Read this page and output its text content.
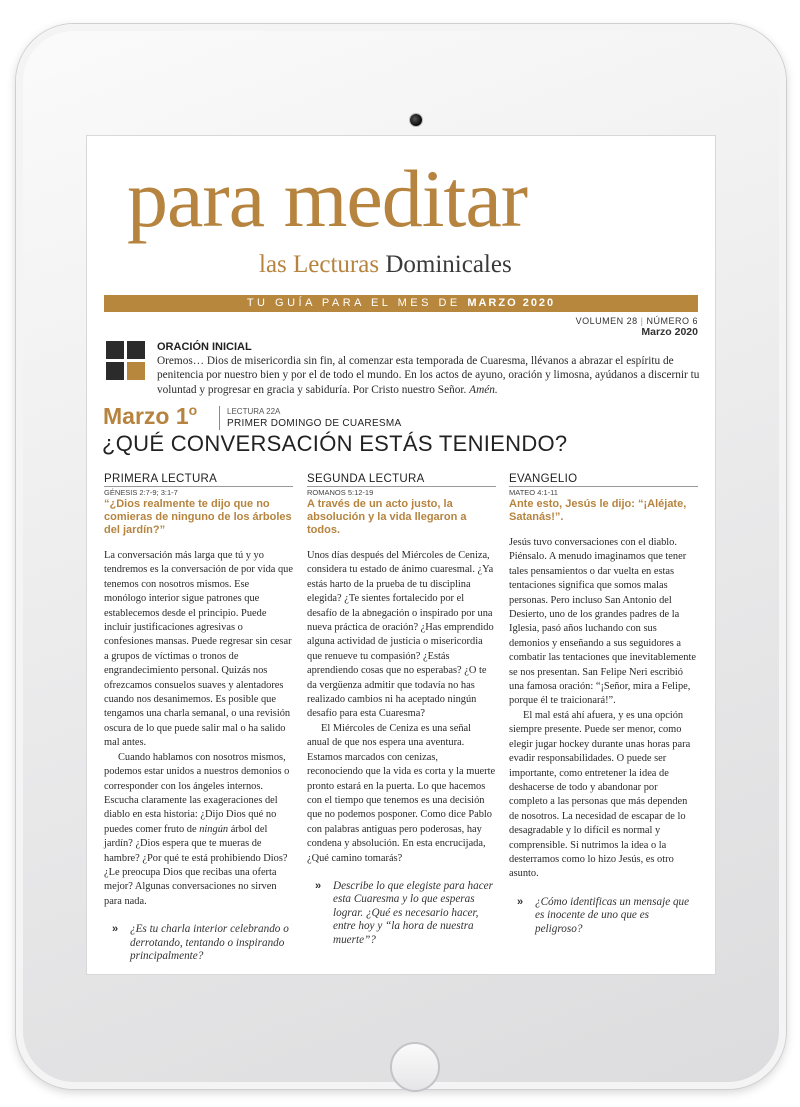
para meditar
las Lecturas Dominicales
TU GUÍA PARA EL MES DE MARZO 2020
VOLUMEN 28 | NÚMERO 6
Marzo 2020
ORACIÓN INICIAL
Oremos… Dios de misericordia sin fin, al comenzar esta temporada de Cuaresma, llévanos a abrazar el espíritu de penitencia por nuestro bien y por el de todo el mundo. En los actos de ayuno, oración y limosna, ayúdanos a discernir tu voluntad y progresar en gracia y sabiduría. Por Cristo nuestro Señor. Amén.
Marzo 1$^o$	LECTURA 22A
PRIMER DOMINGO DE CUARESMA
¿QUÉ CONVERSACIÓN ESTÁS TENIENDO?
PRIMERA LECTURA
GÉNESIS 2:7-9; 3:1-7
“¿Dios realmente te dijo que no comieras de ninguno de los árboles del jardín?”

La conversación más larga que tú y yo tendremos es la conversación de por vida que tenemos con nosotros mismos. Ese monólogo interior sigue patrones que establecemos desde el principio. Puede incluir justificaciones agresivas o confesiones mansas. Puede regresar sin cesar a grupos de víctimas o tronos de engrandecimiento personal. Quizás nos ofrezcamos consuelos suaves y alentadores cuando nos desanimemos. Es posible que tengamos una charla semanal, o una revisión oscura de lo que puede salir mal o ha salido mal antes.

Cuando hablamos con nosotros mismos, podemos estar unidos a nuestros demonios o corresponder con los ángeles internos. Escucha claramente las exageraciones del diablo en esta historia: ¿Dijo Dios qué no puedes comer fruto de ningún árbol del jardín? ¿Dios espera que te mueras de hambre? ¿Por qué te está prohibiendo Dios? ¿Le preocupa Dios que recibas una oferta mejor? Algunas conversaciones no sirven para nada.

» ¿Es tu charla interior celebrando o derrotando, tentando o inspirando principalmente?
SEGUNDA LECTURA
ROMANOS 5:12-19
A través de un acto justo, la absolución y la vida llegaron a todos.

Unos días después del Miércoles de Ceniza, considera tu estado de ánimo cuaresmal. ¿Ya estás harto de la prueba de tu disciplina elegida? ¿Te sientes fortalecido por el desafío de la abnegación o inspirado por una nueva práctica de oración? ¿Has emprendido alguna actividad de justicia o misericordia que renueve tu compasión? ¿Estás aprendiendo cosas que no esperabas? ¿O te da vergüenza admitir que todavía no has realizado cambios ni ha aceptado ningún desafío para esta Cuaresma?

El Miércoles de Ceniza es una señal anual de que nos espera una aventura. Estamos marcados con cenizas, reconociendo que la vida es corta y la muerte pronto estará en la puerta. Lo que hacemos con el tiempo que tenemos es una decisión que no podemos posponer. Como dice Pablo con palabras antiguas pero poderosas, hay condena y absolución. En esta encrucijada, ¿Qué camino tomarás?

» Describe lo que elegiste para hacer esta Cuaresma y lo que esperas lograr. ¿Qué es necesario hacer, entre hoy y “la hora de nuestra muerte”?
EVANGELIO
MATEO 4:1-11
Ante esto, Jesús le dijo: “¡Aléjate, Satanás!”.

Jesús tuvo conversaciones con el diablo. Piénsalo. A menudo imaginamos que tener tales pensamientos o dar vuelta en estas tentaciones significa que somos malas personas. Pero incluso San Antonio del Desierto, uno de los grandes padres de la Iglesia, pasó años luchando con sus demonios y enseñando a sus seguidores a combatir las tentaciones que inevitablemente se nos presentan. San Felipe Neri escribió una famosa oración: “¡Señor, mira a Felipe, porque él te traicionará!”.

El mal está ahí afuera, y es una opción siempre presente. Puede ser menor, como elegir jugar hockey durante unas horas para evadir responsabilidades. O puede ser importante, como entretener la idea de deshacerse de todo y abandonar por completo a las personas que más dependen de nosotros. La necesidad de escapar de lo desagradable y lo difícil es normal y comprensible. Si nutrimos la idea o la desterramos como lo hizo Jesús, es otro asunto.

» ¿Cómo identificas un mensaje que es inocente de uno que es peligroso?
